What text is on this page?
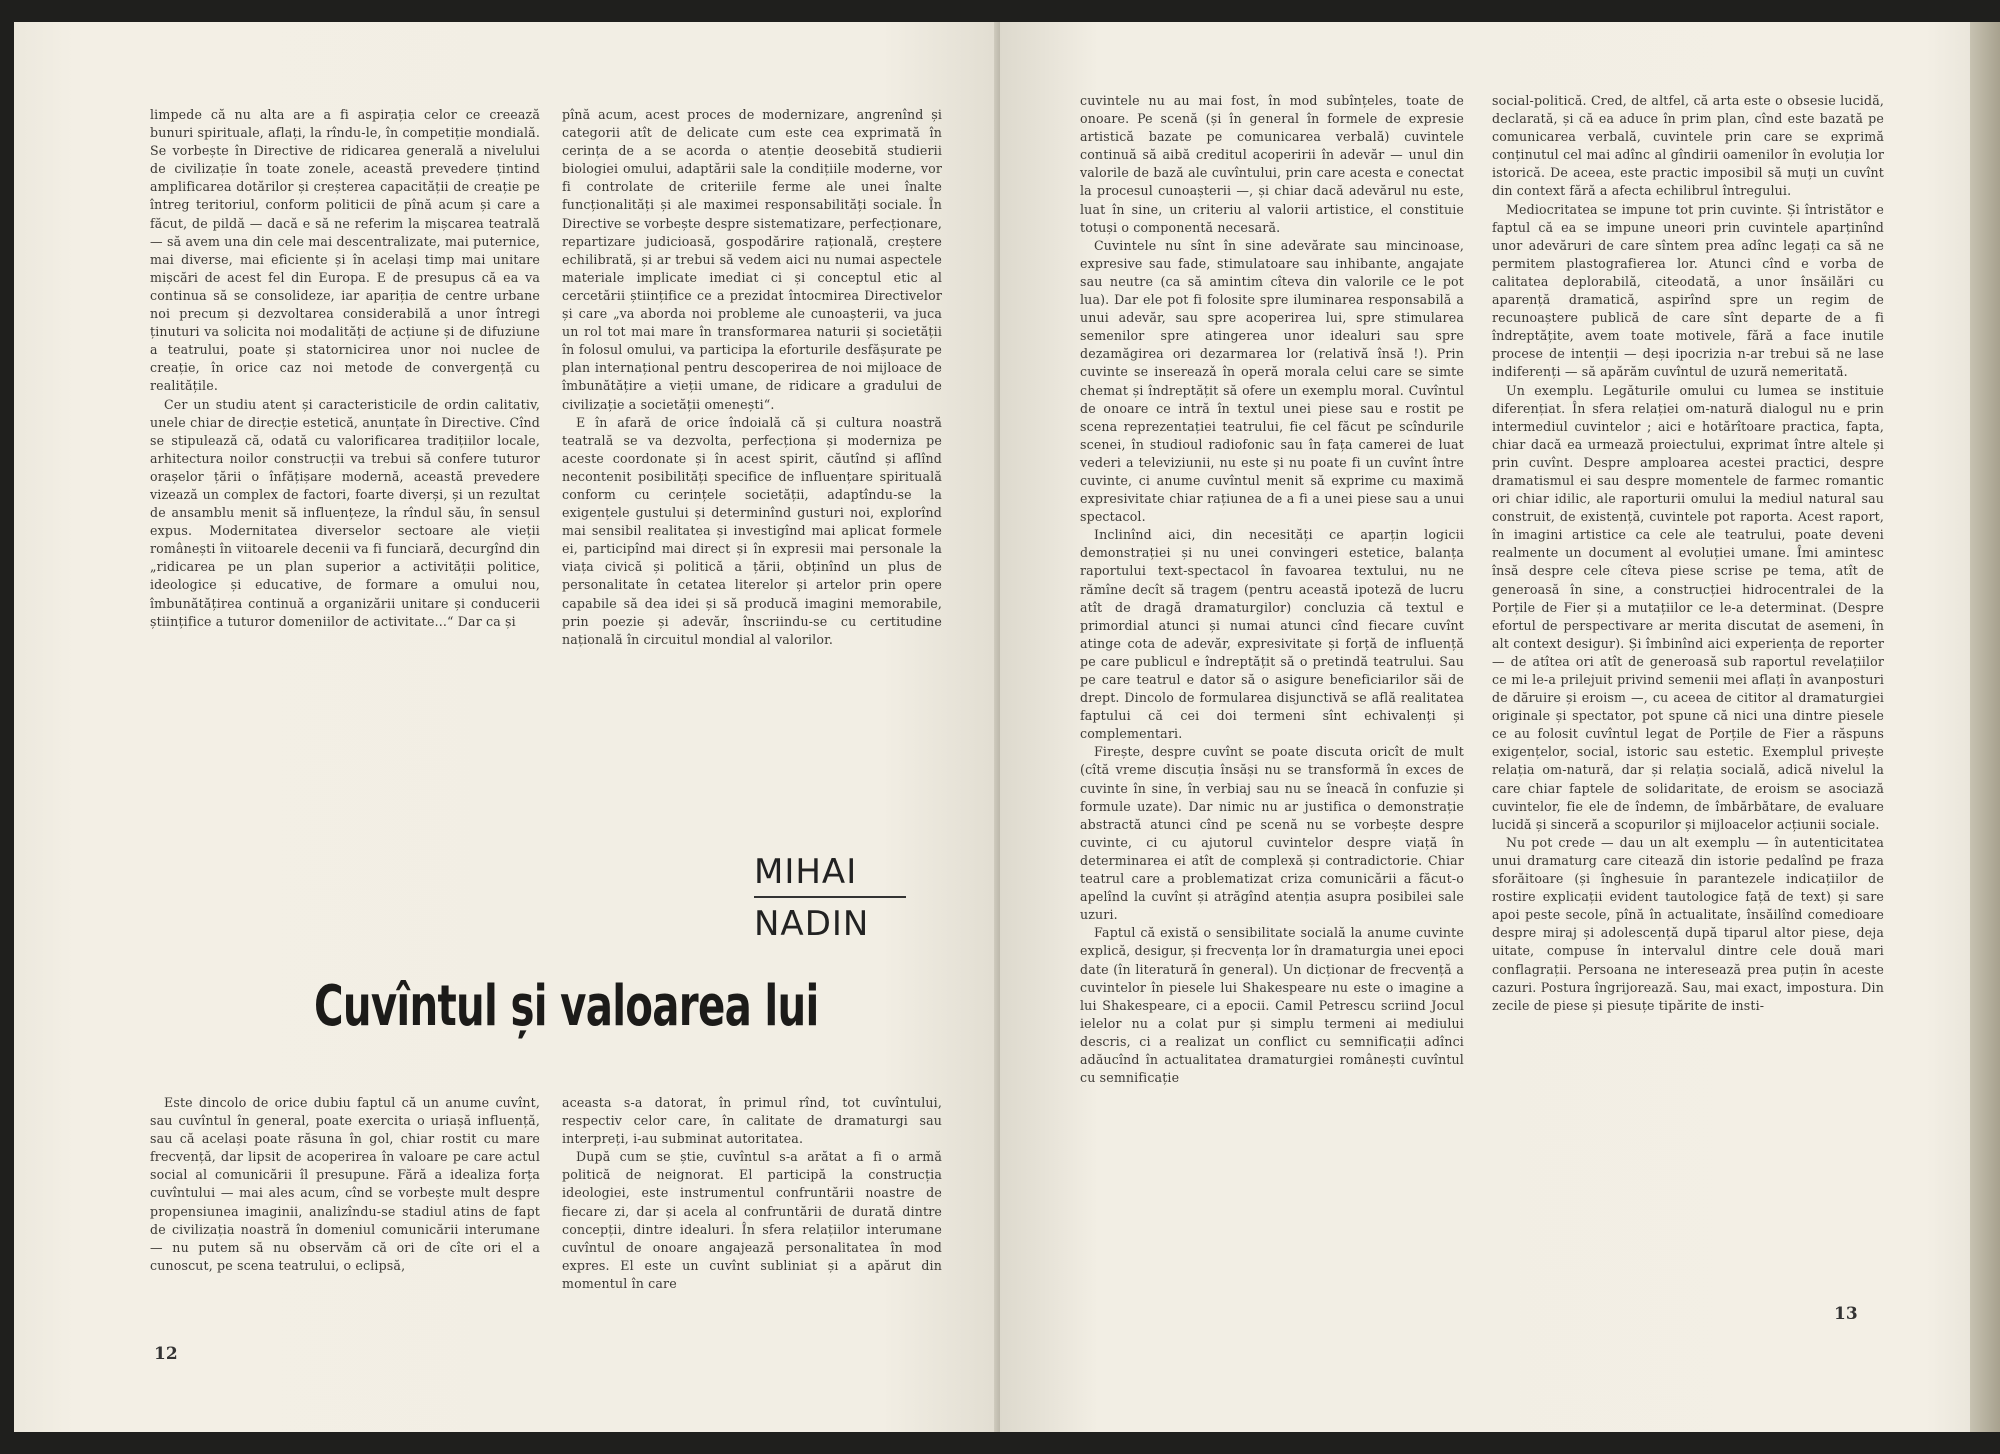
limpede că nu alta are a fi aspirația celor ce creează bunuri spirituale, aflați, la rîndu-le, în competiție mondială. Se vorbește în Directive de ridicarea generală a nivelului de civilizație în toate zonele, această prevedere țintind amplificarea dotărilor și creșterea capacității de creație pe întreg teritoriul, conform politicii de pînă acum și care a făcut, de pildă — dacă e să ne referim la mișcarea teatrală — să avem una din cele mai descentralizate, mai puternice, mai diverse, mai eficiente și în același timp mai unitare mișcări de acest fel din Europa. E de presupus că ea va continua să se consolideze, iar apariția de centre urbane noi precum și dezvoltarea considerabilă a unor întregi ținuturi va solicita noi modalități de acțiune și de difuziune a teatrului, poate și statornicirea unor noi nuclee de creație, în orice caz noi metode de convergență cu realitățile.

Cer un studiu atent și caracteristicile de ordin calitativ, unele chiar de direcție estetică, anunțate în Directive. Cînd se stipulează că, odată cu valorificarea tradițiilor locale, arhitectura noilor construcții va trebui să confere tuturor orașelor țării o înfățișare modernă, această prevedere vizează un complex de factori, foarte diverși, și un rezultat de ansamblu menit să influențeze, la rîndul său, în sensul expus. Modernitatea diverselor sectoare ale vieții românești în viitoarele decenii va fi funciară, decurgînd din „ridicarea pe un plan superior a activității politice, ideologice și educative, de formare a omului nou, îmbunătățirea continuă a organizării unitare și conducerii științifice a tuturor domeniilor de activitate...“ Dar ca și

pînă acum, acest proces de modernizare, angrenînd și categorii atît de delicate cum este cea exprimată în cerința de a se acorda o atenție deosebită studierii biologiei omului, adaptării sale la condițiile moderne, vor fi controlate de criteriile ferme ale unei înalte funcționalități și ale maximei responsabilități sociale. În Directive se vorbește despre sistematizare, perfecționare, repartizare judicioasă, gospodărire rațională, creștere echilibrată, și ar trebui să vedem aici nu numai aspectele materiale implicate imediat ci și conceptul etic al cercetării științifice ce a prezidat întocmirea Directivelor și care „va aborda noi probleme ale cunoașterii, va juca un rol tot mai mare în transformarea naturii și societății în folosul omului, va participa la eforturile desfășurate pe plan internațional pentru descoperirea de noi mijloace de îmbunătățire a vieții umane, de ridicare a gradului de civilizație a societății omenești“.

E în afară de orice îndoială că și cultura noastră teatrală se va dezvolta, perfecționa și moderniza pe aceste coordonate și în acest spirit, căutînd și aflînd necontenit posibilități specifice de influențare spirituală conform cu cerințele societății, adaptîndu-se la exigențele gustului și determinînd gusturi noi, explorînd mai sensibil realitatea și investigînd mai aplicat formele ei, participînd mai direct și în expresii mai personale la viața civică și politică a țării, obținînd un plus de personalitate în cetatea literelor și artelor prin opere capabile să dea idei și să producă imagini memorabile, prin poezie și adevăr, înscriindu-se cu certitudine națională în circuitul mondial al valorilor.

MIHAI
NADIN
Cuvîntul și valoarea lui

Este dincolo de orice dubiu faptul că un anume cuvînt, sau cuvîntul în general, poate exercita o uriașă influență, sau că același poate răsuna în gol, chiar rostit cu mare frecvență, dar lipsit de acoperirea în valoare pe care actul social al comunicării îl presupune. Fără a idealiza forța cuvîntului — mai ales acum, cînd se vorbește mult despre propensiunea imaginii, analizîndu-se stadiul atins de fapt de civilizația noastră în domeniul comunicării interumane — nu putem să nu observăm că ori de cîte ori el a cunoscut, pe scena teatrului, o eclipsă,

aceasta s-a datorat, în primul rînd, tot cuvîntului, respectiv celor care, în calitate de dramaturgi sau interpreți, i-au subminat autoritatea.

După cum se știe, cuvîntul s-a arătat a fi o armă politică de neignorat. El participă la construcția ideologiei, este instrumentul confruntării noastre de fiecare zi, dar și acela al confruntării de durată dintre concepții, dintre idealuri. În sfera relațiilor interumane cuvîntul de onoare angajează personalitatea în mod expres. El este un cuvînt subliniat și a apărut din momentul în care

12

cuvintele nu au mai fost, în mod subînțeles, toate de onoare. Pe scenă (și în general în formele de expresie artistică bazate pe comunicarea verbală) cuvintele continuă să aibă creditul acoperirii în adevăr — unul din valorile de bază ale cuvîntului, prin care acesta e conectat la procesul cunoașterii —, și chiar dacă adevărul nu este, luat în sine, un criteriu al valorii artistice, el constituie totuși o componentă necesară.

Cuvintele nu sînt în sine adevărate sau mincinoase, expresive sau fade, stimulatoare sau inhibante, angajate sau neutre (ca să amintim cîteva din valorile ce le pot lua). Dar ele pot fi folosite spre iluminarea responsabilă a unui adevăr, sau spre acoperirea lui, spre stimularea semenilor spre atingerea unor idealuri sau spre dezamăgirea ori dezarmarea lor (relativă însă !). Prin cuvinte se insereazǎ în operă morala celui care se simte chemat și îndreptățit să ofere un exemplu moral. Cuvîntul de onoare ce intră în textul unei piese sau e rostit pe scena reprezentației teatrului, fie cel făcut pe scîndurile scenei, în studioul radiofonic sau în fața camerei de luat vederi a televiziunii, nu este și nu poate fi un cuvînt între cuvinte, ci anume cuvîntul menit să exprime cu maximă expresivitate chiar rațiunea de a fi a unei piese sau a unui spectacol.

Inclinînd aici, din necesități ce aparțin logicii demonstrației și nu unei convingeri estetice, balanța raportului text-spectacol în favoarea textului, nu ne rămîne decît să tragem (pentru această ipoteză de lucru atît de dragă dramaturgilor) concluzia că textul e primordial atunci și numai atunci cînd fiecare cuvînt atinge cota de adevăr, expresivitate și forță de influență pe care publicul e îndreptățit să o pretindă teatrului. Sau pe care teatrul e dator să o asigure beneficiarilor săi de drept. Dincolo de formularea disjunctivă se află realitatea faptului că cei doi termeni sînt echivalenți și complementari.

Firește, despre cuvînt se poate discuta oricît de mult (cîtă vreme discuția însăși nu se transformă în exces de cuvinte în sine, în verbiaj sau nu se îneacă în confuzie și formule uzate). Dar nimic nu ar justifica o demonstrație abstractă atunci cînd pe scenă nu se vorbește despre cuvinte, ci cu ajutorul cuvintelor despre viață în determinarea ei atît de complexă și contradictorie. Chiar teatrul care a problematizat criza comunicării a făcut-o apelînd la cuvînt și atrăgînd atenția asupra posibilei sale uzuri.

Faptul că există o sensibilitate socială la anume cuvinte explică, desigur, și frecvența lor în dramaturgia unei epoci date (în literatură în general). Un dicționar de frecvență a cuvintelor în piesele lui Shakespeare nu este o imagine a lui Shakespeare, ci a epocii. Camil Petrescu scriind Jocul ielelor nu a colat pur și simplu termeni ai mediului descris, ci a realizat un conflict cu semnificații adînci adăucînd în actualitatea dramaturgiei românești cuvîntul cu semnificație

social-politică. Cred, de altfel, că arta este o obsesie lucidă, declarată, și că ea aduce în prim plan, cînd este bazată pe comunicarea verbală, cuvintele prin care se exprimă conținutul cel mai adînc al gîndirii oamenilor în evoluția lor istorică. De aceea, este practic imposibil să muți un cuvînt din context fără a afecta echilibrul întregului.

Mediocritatea se impune tot prin cuvinte. Și întristător e faptul că ea se impune uneori prin cuvintele aparținînd unor adevăruri de care sîntem prea adînc legați ca să ne permitem plastografierea lor. Atunci cînd e vorba de calitatea deplorabilă, citeodată, a unor însăilări cu aparență dramatică, aspirînd spre un regim de recunoaștere publică de care sînt departe de a fi îndreptățite, avem toate motivele, fără a face inutile procese de intenții — deși ipocrizia n-ar trebui să ne lase indiferenți — să apărăm cuvîntul de uzură nemeritată.

Un exemplu. Legăturile omului cu lumea se instituie diferențiat. În sfera relației om-natură dialogul nu e prin intermediul cuvintelor ; aici e hotărîtoare practica, fapta, chiar dacă ea urmează proiectului, exprimat între altele și prin cuvînt. Despre amploarea acestei practici, despre dramatismul ei sau despre momentele de farmec romantic ori chiar idilic, ale raporturii omului la mediul natural sau construit, de existență, cuvintele pot raporta. Acest raport, în imagini artistice ca cele ale teatrului, poate deveni realmente un document al evoluției umane. Îmi amintesc însă despre cele cîteva piese scrise pe tema, atît de generoasă în sine, a construcției hidrocentralei de la Porțile de Fier și a mutațiilor ce le-a determinat. (Despre efortul de perspectivare ar merita discutat de asemeni, în alt context desigur). Și îmbinînd aici experiența de reporter — de atîtea ori atît de generoasă sub raportul revelațiilor ce mi le-a prilejuit privind semenii mei aflați în avanposturi de dăruire și eroism —, cu aceea de cititor al dramaturgiei originale și spectator, pot spune că nici una dintre piesele ce au folosit cuvîntul legat de Porțile de Fier a răspuns exigențelor, social, istoric sau estetic. Exemplul privește relația om-natură, dar și relația socială, adică nivelul la care chiar faptele de solidaritate, de eroism se asociază cuvintelor, fie ele de îndemn, de îmbărbătare, de evaluare lucidă și sinceră a scopurilor și mijloacelor acțiunii sociale.

Nu pot crede — dau un alt exemplu — în autenticitatea unui dramaturg care citează din istorie pedalînd pe fraza sforăitoare (și înghesuie în parantezele indicațiilor de rostire explicații evident tautologice față de text) și sare apoi peste secole, pînă în actualitate, însăilînd comedioare despre miraj și adolescență după tiparul altor piese, deja uitate, compuse în intervalul dintre cele două mari conflagrații. Persoana ne interesează prea puțin în aceste cazuri. Postura îngrijorează. Sau, mai exact, impostura. Din zecile de piese și piesuțe tipărite de insti-

13
